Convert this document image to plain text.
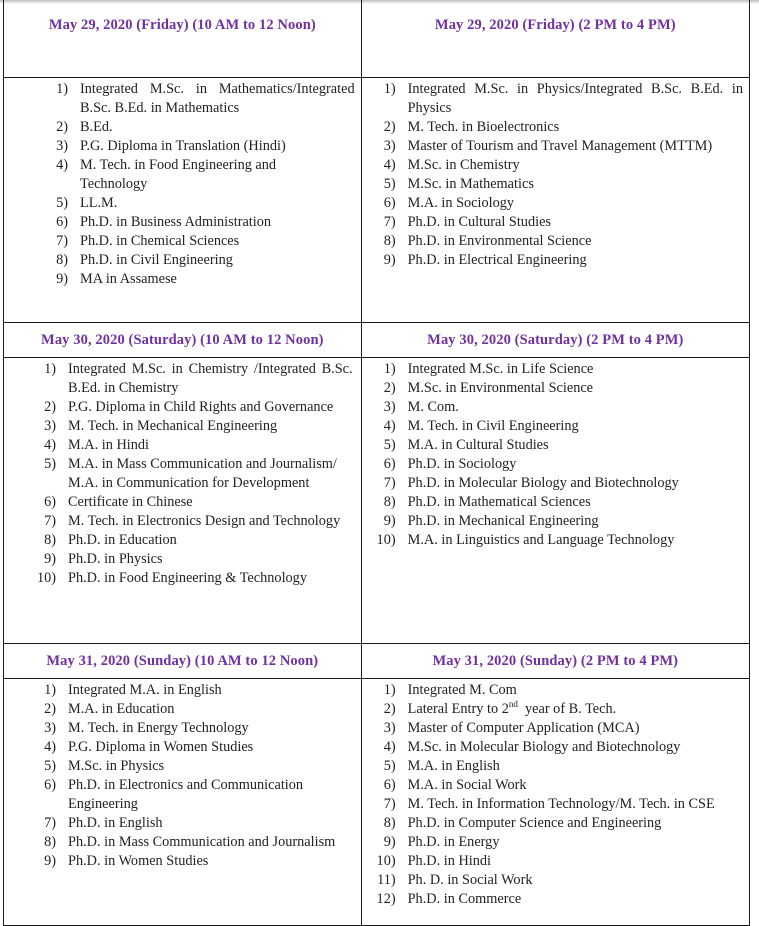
May 29, 2020 (Friday) (10 AM to 12 Noon)	May 29, 2020 (Friday) (2 PM to 4 PM)

1) Integrated M.Sc. in Mathematics/Integrated B.Sc. B.Ed. in Mathematics
2) B.Ed.
3) P.G. Diploma in Translation (Hindi)
4) M. Tech. in Food Engineering and Technology
5) LL.M.
6) Ph.D. in Business Administration
7) Ph.D. in Chemical Sciences
8) Ph.D. in Civil Engineering
9) MA in Assamese

1) Integrated M.Sc. in Physics/Integrated B.Sc. B.Ed. in Physics
2) M. Tech. in Bioelectronics
3) Master of Tourism and Travel Management (MTTM)
4) M.Sc. in Chemistry
5) M.Sc. in Mathematics
6) M.A. in Sociology
7) Ph.D. in Cultural Studies
8) Ph.D. in Environmental Science
9) Ph.D. in Electrical Engineering

May 30, 2020 (Saturday) (10 AM to 12 Noon)	May 30, 2020 (Saturday) (2 PM to 4 PM)

1) Integrated M.Sc. in Chemistry /Integrated B.Sc. B.Ed. in Chemistry
2) P.G. Diploma in Child Rights and Governance
3) M. Tech. in Mechanical Engineering
4) M.A. in Hindi
5) M.A. in Mass Communication and Journalism/ M.A. in Communication for Development
6) Certificate in Chinese
7) M. Tech. in Electronics Design and Technology
8) Ph.D. in Education
9) Ph.D. in Physics
10) Ph.D. in Food Engineering & Technology

1) Integrated M.Sc. in Life Science
2) M.Sc. in Environmental Science
3) M. Com.
4) M. Tech. in Civil Engineering
5) M.A. in Cultural Studies
6) Ph.D. in Sociology
7) Ph.D. in Molecular Biology and Biotechnology
8) Ph.D. in Mathematical Sciences
9) Ph.D. in Mechanical Engineering
10) M.A. in Linguistics and Language Technology

May 31, 2020 (Sunday) (10 AM to 12 Noon)	May 31, 2020 (Sunday) (2 PM to 4 PM)

1) Integrated M.A. in English
2) M.A. in Education
3) M. Tech. in Energy Technology
4) P.G. Diploma in Women Studies
5) M.Sc. in Physics
6) Ph.D. in Electronics and Communication Engineering
7) Ph.D. in English
8) Ph.D. in Mass Communication and Journalism
9) Ph.D. in Women Studies

1) Integrated M. Com
2) Lateral Entry to 2nd  year of B. Tech.
3) Master of Computer Application (MCA)
4) M.Sc. in Molecular Biology and Biotechnology
5) M.A. in English
6) M.A. in Social Work
7) M. Tech. in Information Technology/M. Tech. in CSE
8) Ph.D. in Computer Science and Engineering
9) Ph.D. in Energy
10) Ph.D. in Hindi
11) Ph. D. in Social Work
12) Ph.D. in Commerce
